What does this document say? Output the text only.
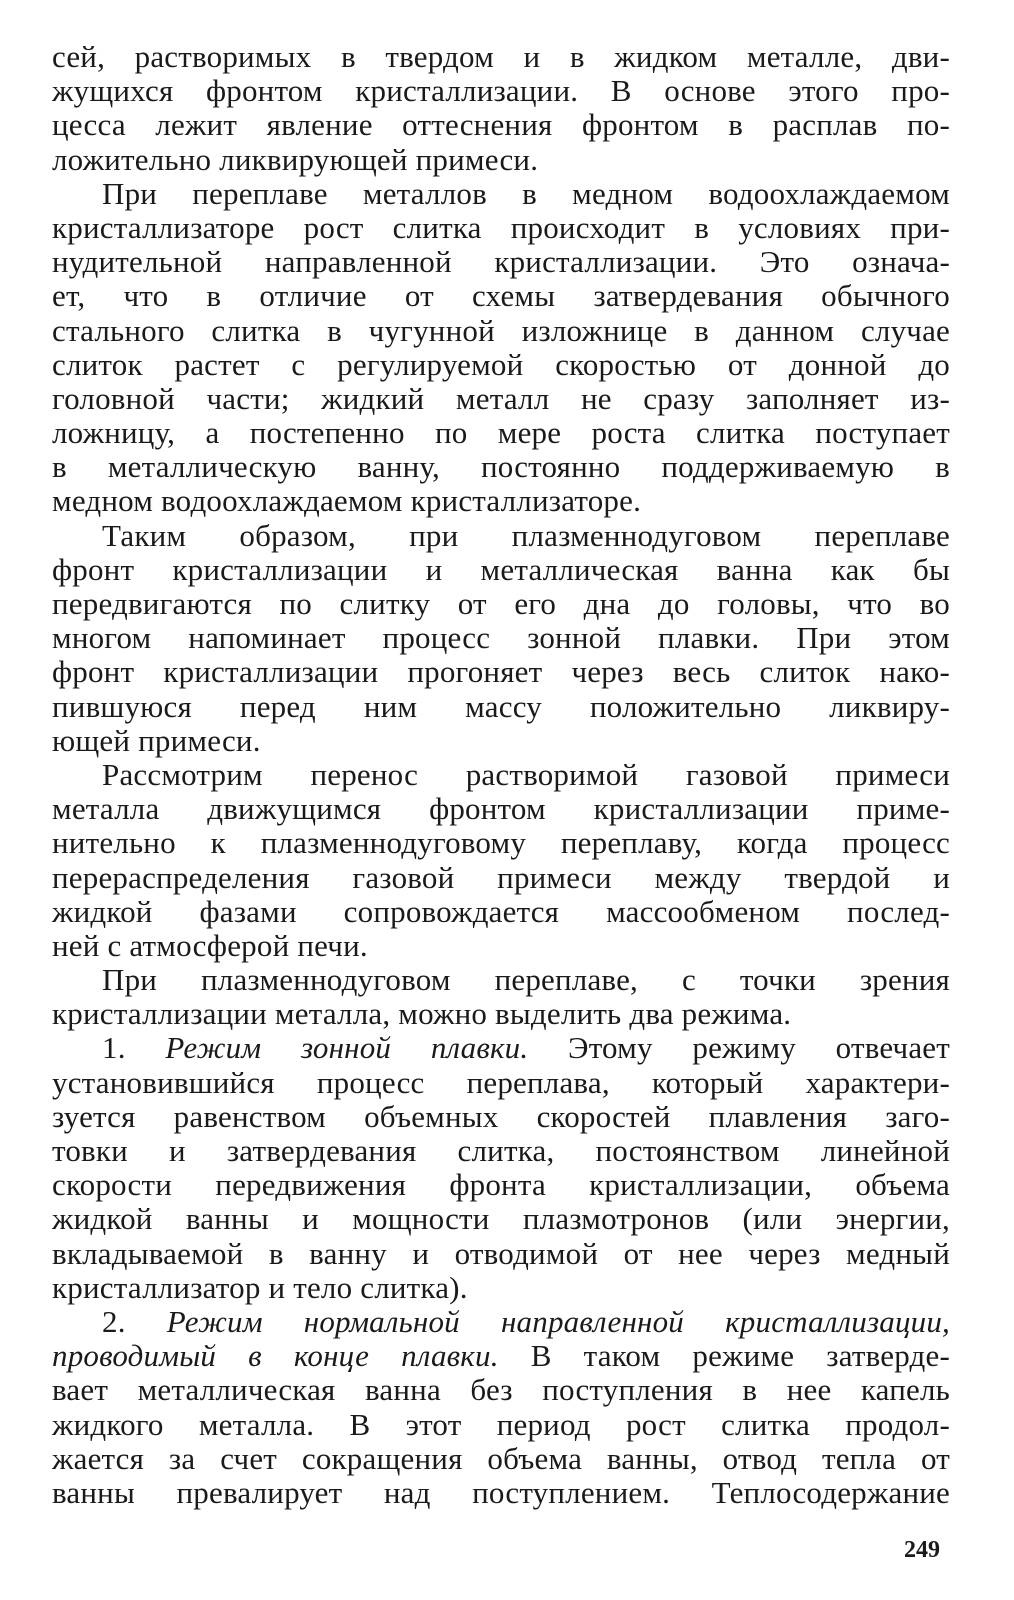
сей, растворимых в твердом и в жидком металле, дви-
жущихся фронтом кристаллизации. В основе этого про-
цесса лежит явление оттеснения фронтом в расплав по-
ложительно ликвирующей примеси.
При переплаве металлов в медном водоохлаждаемом
кристаллизаторе рост слитка происходит в условиях при-
нудительной направленной кристаллизации. Это означа-
ет, что в отличие от схемы затвердевания обычного
стального слитка в чугунной изложнице в данном случае
слиток растет с регулируемой скоростью от донной до
головной части; жидкий металл не сразу заполняет из-
ложницу, а постепенно по мере роста слитка поступает
в металлическую ванну, постоянно поддерживаемую в
медном водоохлаждаемом кристаллизаторе.
Таким образом, при плазменнодуговом переплаве
фронт кристаллизации и металлическая ванна как бы
передвигаются по слитку от его дна до головы, что во
многом напоминает процесс зонной плавки. При этом
фронт кристаллизации прогоняет через весь слиток нако-
пившуюся перед ним массу положительно ликвиру-
ющей примеси.
Рассмотрим перенос растворимой газовой примеси
металла движущимся фронтом кристаллизации приме-
нительно к плазменнодуговому переплаву, когда процесс
перераспределения газовой примеси между твердой и
жидкой фазами сопровождается массообменом послед-
ней с атмосферой печи.
При плазменнодуговом переплаве, с точки зрения
кристаллизации металла, можно выделить два режима.
1. Режим зонной плавки. Этому режиму отвечает
установившийся процесс переплава, который характери-
зуется равенством объемных скоростей плавления заго-
товки и затвердевания слитка, постоянством линейной
скорости передвижения фронта кристаллизации, объема
жидкой ванны и мощности плазмотронов (или энергии,
вкладываемой в ванну и отводимой от нее через медный
кристаллизатор и тело слитка).
2. Режим нормальной направленной кристаллизации,
проводимый в конце плавки. В таком режиме затверде-
вает металлическая ванна без поступления в нее капель
жидкого металла. В этот период рост слитка продол-
жается за счет сокращения объема ванны, отвод тепла от
ванны превалирует над поступлением. Теплосодержание
249
